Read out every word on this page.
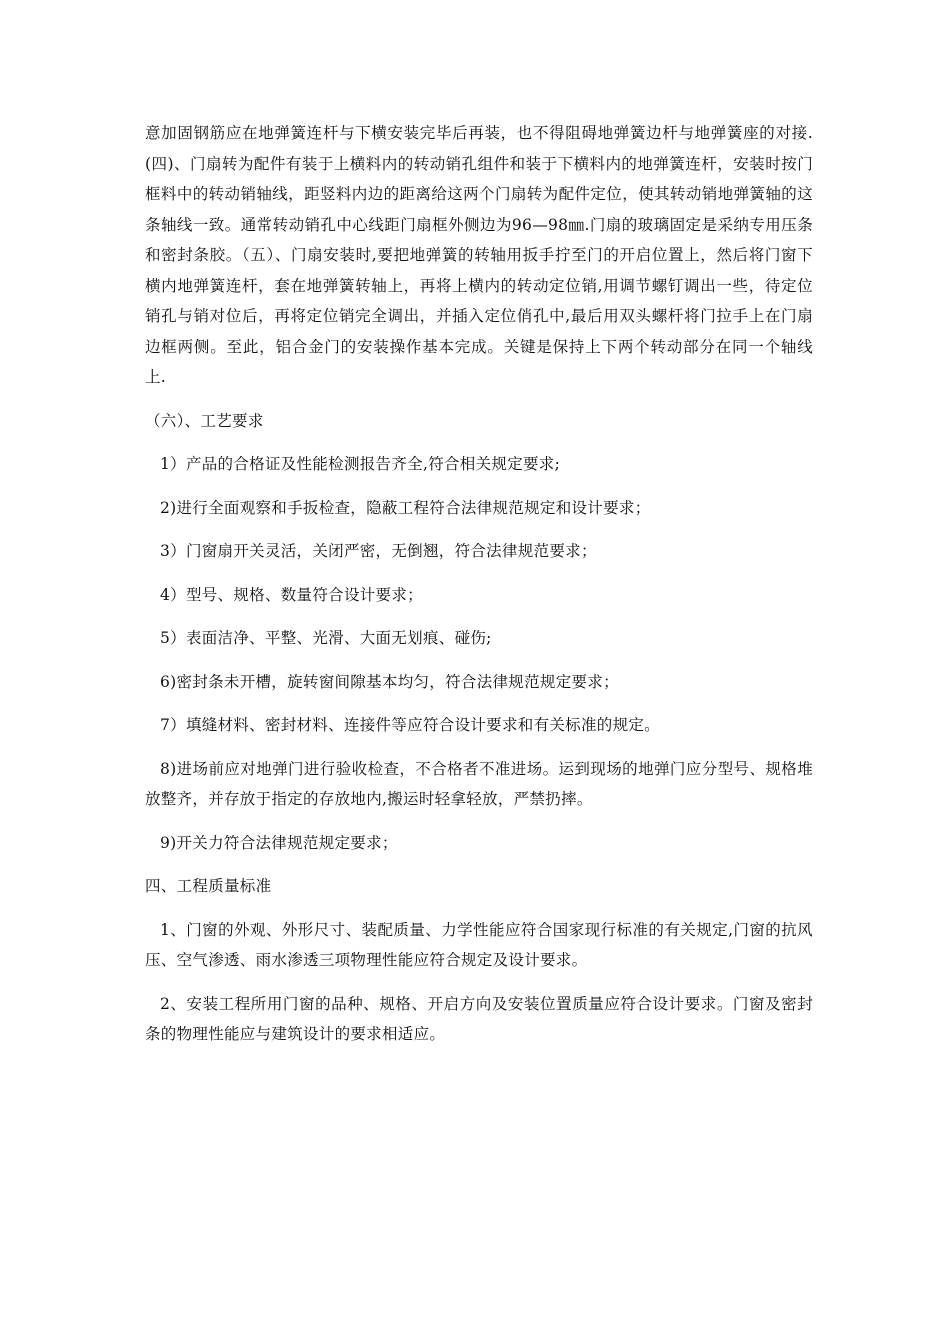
意加固钢筋应在地弹簧连杆与下横安装完毕后再装，也不得阻碍地弹簧边杆与地弹簧座的对接.(四)、门扇转为配件有装于上横料内的转动销孔组件和装于下横料内的地弹簧连杆，安装时按门框料中的转动销轴线，距竖料内边的距离给这两个门扇转为配件定位，使其转动销地弹簧轴的这条轴线一致。通常转动销孔中心线距门扇框外侧边为96—98㎜.门扇的玻璃固定是采纳专用压条和密封条胶。（五）、门扇安装时,要把地弹簧的转轴用扳手拧至门的开启位置上，然后将门窗下横内地弹簧连杆，套在地弹簧转轴上，再将上横内的转动定位销,用调节螺钉调出一些，待定位销孔与销对位后，再将定位销完全调出，并插入定位俏孔中,最后用双头螺杆将门拉手上在门扇边框两侧。至此，铝合金门的安装操作基本完成。关键是保持上下两个转动部分在同一个轴线上.

（六）、工艺要求

1）产品的合格证及性能检测报告齐全,符合相关规定要求;

2)进行全面观察和手扳检查，隐蔽工程符合法律规范规定和设计要求；

3）门窗扇开关灵活，关闭严密，无倒翘，符合法律规范要求；

4）型号、规格、数量符合设计要求；

5）表面洁净、平整、光滑、大面无划痕、碰伤;

6)密封条未开槽，旋转窗间隙基本均匀，符合法律规范规定要求；

7）填缝材料、密封材料、连接件等应符合设计要求和有关标准的规定。

8)进场前应对地弹门进行验收检查，不合格者不准进场。运到现场的地弹门应分型号、规格堆放整齐，并存放于指定的存放地内,搬运时轻拿轻放，严禁扔摔。

9)开关力符合法律规范规定要求；

四、工程质量标准

1、门窗的外观、外形尺寸、装配质量、力学性能应符合国家现行标准的有关规定,门窗的抗风压、空气渗透、雨水渗透三项物理性能应符合规定及设计要求。

2、安装工程所用门窗的品种、规格、开启方向及安装位置质量应符合设计要求。门窗及密封条的物理性能应与建筑设计的要求相适应。
